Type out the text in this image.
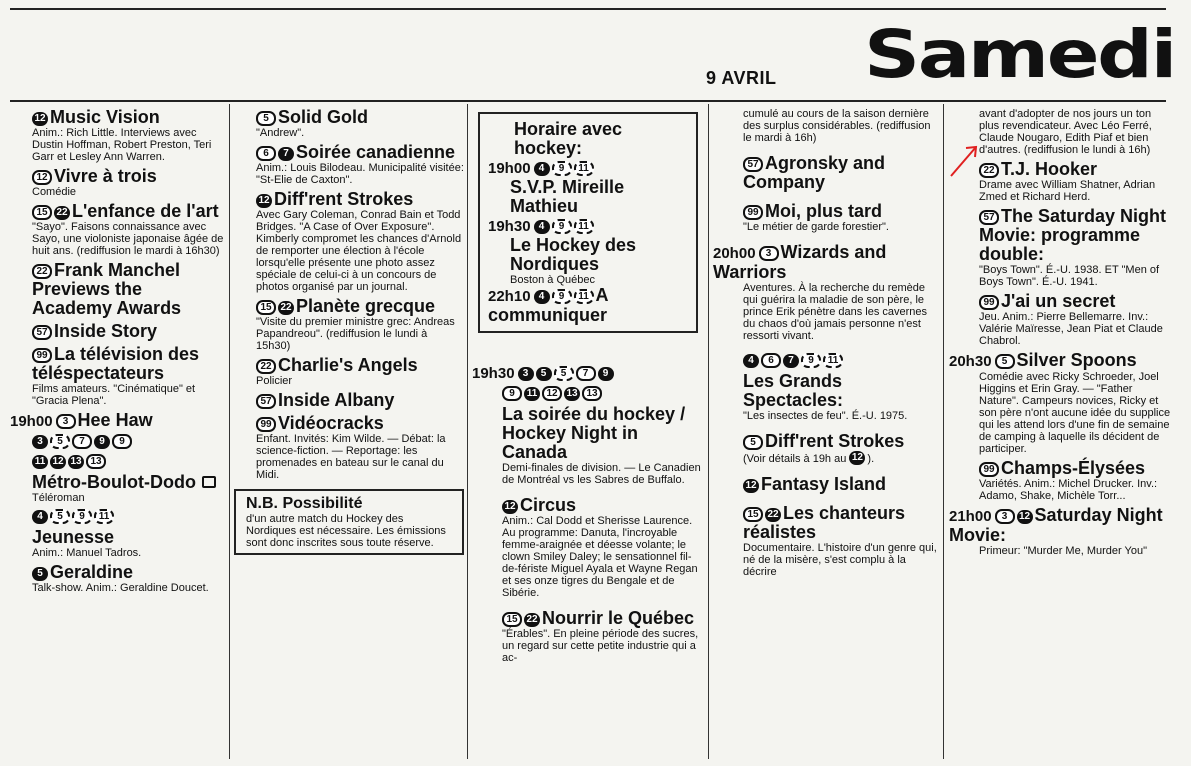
9 AVRIL Samedi
12 Music Vision
Anim.: Rich Little. Interviews avec Dustin Hoffman, Robert Preston, Teri Garr et Lesley Ann Warren.
12 Vivre à trois
Comédie
15 22 L'enfance de l'art
"Sayo". Faisons connaissance avec Sayo, une violoniste japonaise âgée de huit ans. (rediffusion le mardi à 16h30)
22 Frank Manchel Previews the Academy Awards
57 Inside Story
99 La télévision des téléspectateurs
Films amateurs. "Cinématique" et "Gracia Plena".
19h00 3 Hee Haw
3 5 7 9 9
11 12 13 13
Métro-Boulot-Dodo
Téléroman
4 5 9 11
Jeunesse
Anim.: Manuel Tadros.
5 Geraldine
Talk-show. Anim.: Geraldine Doucet.
5 Solid Gold
"Andrew".
6 7 Soirée canadienne
Anim.: Louis Bilodeau. Municipalité visitée: "St-Elie de Caxton".
12 Diff'rent Strokes
Avec Gary Coleman, Conrad Bain et Todd Bridges. "A Case of Over Exposure". Kimberly compromet les chances d'Arnold de remporter une élection à l'école lorsqu'elle présente une photo assez spéciale de celui-ci à un concours de photos organisé par un journal.
15 22 Planète grecque
"Visite du premier ministre grec: Andreas Papandreou". (rediffusion le lundi à 15h30)
22 Charlie's Angels
Policier
57 Inside Albany
99 Vidéocracks
Enfant. Invités: Kim Wilde. — Débat: la science-fiction. — Reportage: les promenades en bateau sur le canal du Midi.
N.B. Possibilité
d'un autre match du Hockey des Nordiques est nécessaire. Les émissions sont donc inscrites sous toute réserve.
Horaire avec hockey:
19h00 4 9 11
S.V.P. Mireille Mathieu
19h30 4 9 11
Le Hockey des Nordiques
Boston à Québec
22h10 4 9 11 A communiquer
19h30 3 5 5 7 9
9 11 12 13 13
La soirée du hockey / Hockey Night in Canada
Demi-finales de division. — Le Canadien de Montréal vs les Sabres de Buffalo.
12 Circus
Anim.: Cal Dodd et Sherisse Laurence. Au programme: Danuta, l'incroyable femme-araignée et déesse volante; le clown Smiley Daley; le sensationnel fil-de-fériste Miguel Ayala et Wayne Regan et ses onze tigres du Bengale et de Sibérie.
15 22 Nourrir le Québec
"Érables". En pleine période des sucres, un regard sur cette petite industrie qui a ac-
cumulé au cours de la saison dernière des surplus considérables. (rediffusion le mardi à 16h)
57 Agronsky and Company
99 Moi, plus tard
"Le métier de garde forestier".
20h00 3 Wizards and Warriors
Aventures. À la recherche du remède qui guérira la maladie de son père, le prince Erik pénètre dans les cavernes du chaos d'où jamais personne n'est ressorti vivant.
4 6 7 9 11
Les Grands Spectacles:
"Les insectes de feu". É.-U. 1975.
5 Diff'rent Strokes
(Voir détails à 19h au 12 ).
12 Fantasy Island
15 22 Les chanteurs réalistes
Documentaire. L'histoire d'un genre qui, né de la misère, s'est complu à la décrire
avant d'adopter de nos jours un ton plus revendicateur. Avec Léo Ferré, Claude Nougaro, Edith Piaf et bien d'autres. (rediffusion le lundi à 16h)
22 T.J. Hooker
Drame avec William Shatner, Adrian Zmed et Richard Herd.
57 The Saturday Night Movie: programme double:
"Boys Town". É.-U. 1938. ET "Men of Boys Town". É.-U. 1941.
99 J'ai un secret
Jeu. Anim.: Pierre Bellemarre. Inv.: Valérie Maïresse, Jean Piat et Claude Chabrol.
20h30 5 Silver Spoons
Comédie avec Ricky Schroeder, Joel Higgins et Erin Gray. — "Father Nature". Campeurs novices, Ricky et son père n'ont aucune idée du supplice qui les attend lors d'une fin de semaine de camping à laquelle ils décident de participer.
99 Champs-Élysées
Variétés. Anim.: Michel Drucker. Inv.: Adamo, Shake, Michèle Torr...
21h00 3 12 Saturday Night Movie:
Primeur: "Murder Me, Murder You"
